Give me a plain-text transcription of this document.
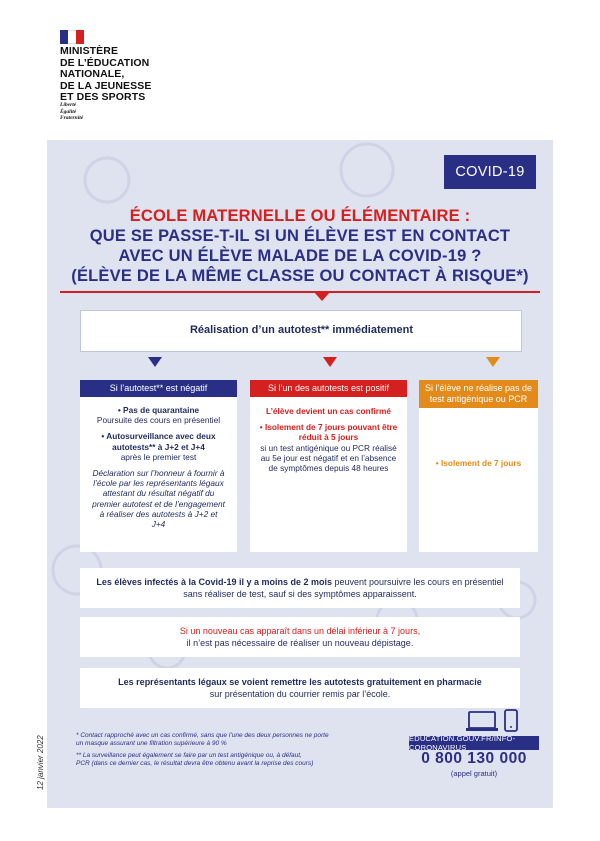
MINISTÈRE
DE L’ÉDUCATION
NATIONALE,
DE LA JEUNESSE
ET DES SPORTS
Liberté
Égalité
Fraternité
COVID-19
ÉCOLE MATERNELLE OU ÉLÉMENTAIRE :
QUE SE PASSE-T-IL SI UN ÉLÈVE EST EN CONTACT
AVEC UN ÉLÈVE MALADE DE LA COVID-19 ?
(ÉLÈVE DE LA MÊME CLASSE OU CONTACT À RISQUE*)
Réalisation d’un autotest** immédiatement
Si l’autotest** est négatif
• Pas de quarantaine
Poursuite des cours en présentiel
• Autosurveillance avec deux autotests** à J+2 et J+4
après le premier test
Déclaration sur l’honneur à fournir à l’école par les représentants légaux attestant du résultat négatif du premier autotest et de l’engagement à réaliser des autotests à J+2 et J+4
Si l’un des autotests est positif
L’élève devient un cas confirmé
• Isolement de 7 jours pouvant être réduit à 5 jours
si un test antigénique ou PCR réalisé au 5e jour est négatif et en l’absence de symptômes depuis 48 heures
Si l’élève ne réalise pas de test antigénique ou PCR
• Isolement de 7 jours
Les élèves infectés à la Covid-19 il y a moins de 2 mois peuvent poursuivre les cours en présentiel
sans réaliser de test, sauf si des symptômes apparaissent.
Si un nouveau cas apparaît dans un délai inférieur à 7 jours,
il n’est pas nécessaire de réaliser un nouveau dépistage.
Les représentants légaux se voient remettre les autotests gratuitement en pharmacie
sur présentation du courrier remis par l’école.
* Contact rapproché avec un cas confirmé, sans que l’une des deux personnes ne porte
un masque assurant une filtration supérieure à 90 %
** La surveillance peut également se faire par un test antigénique ou, à défaut,
PCR (dans ce dernier cas, le résultat devra être obtenu avant la reprise des cours)
12 janvier 2022	EDUCATION.GOUV.FR/INFO-CORONAVIRUS
0 800 130 000
(appel gratuit)
